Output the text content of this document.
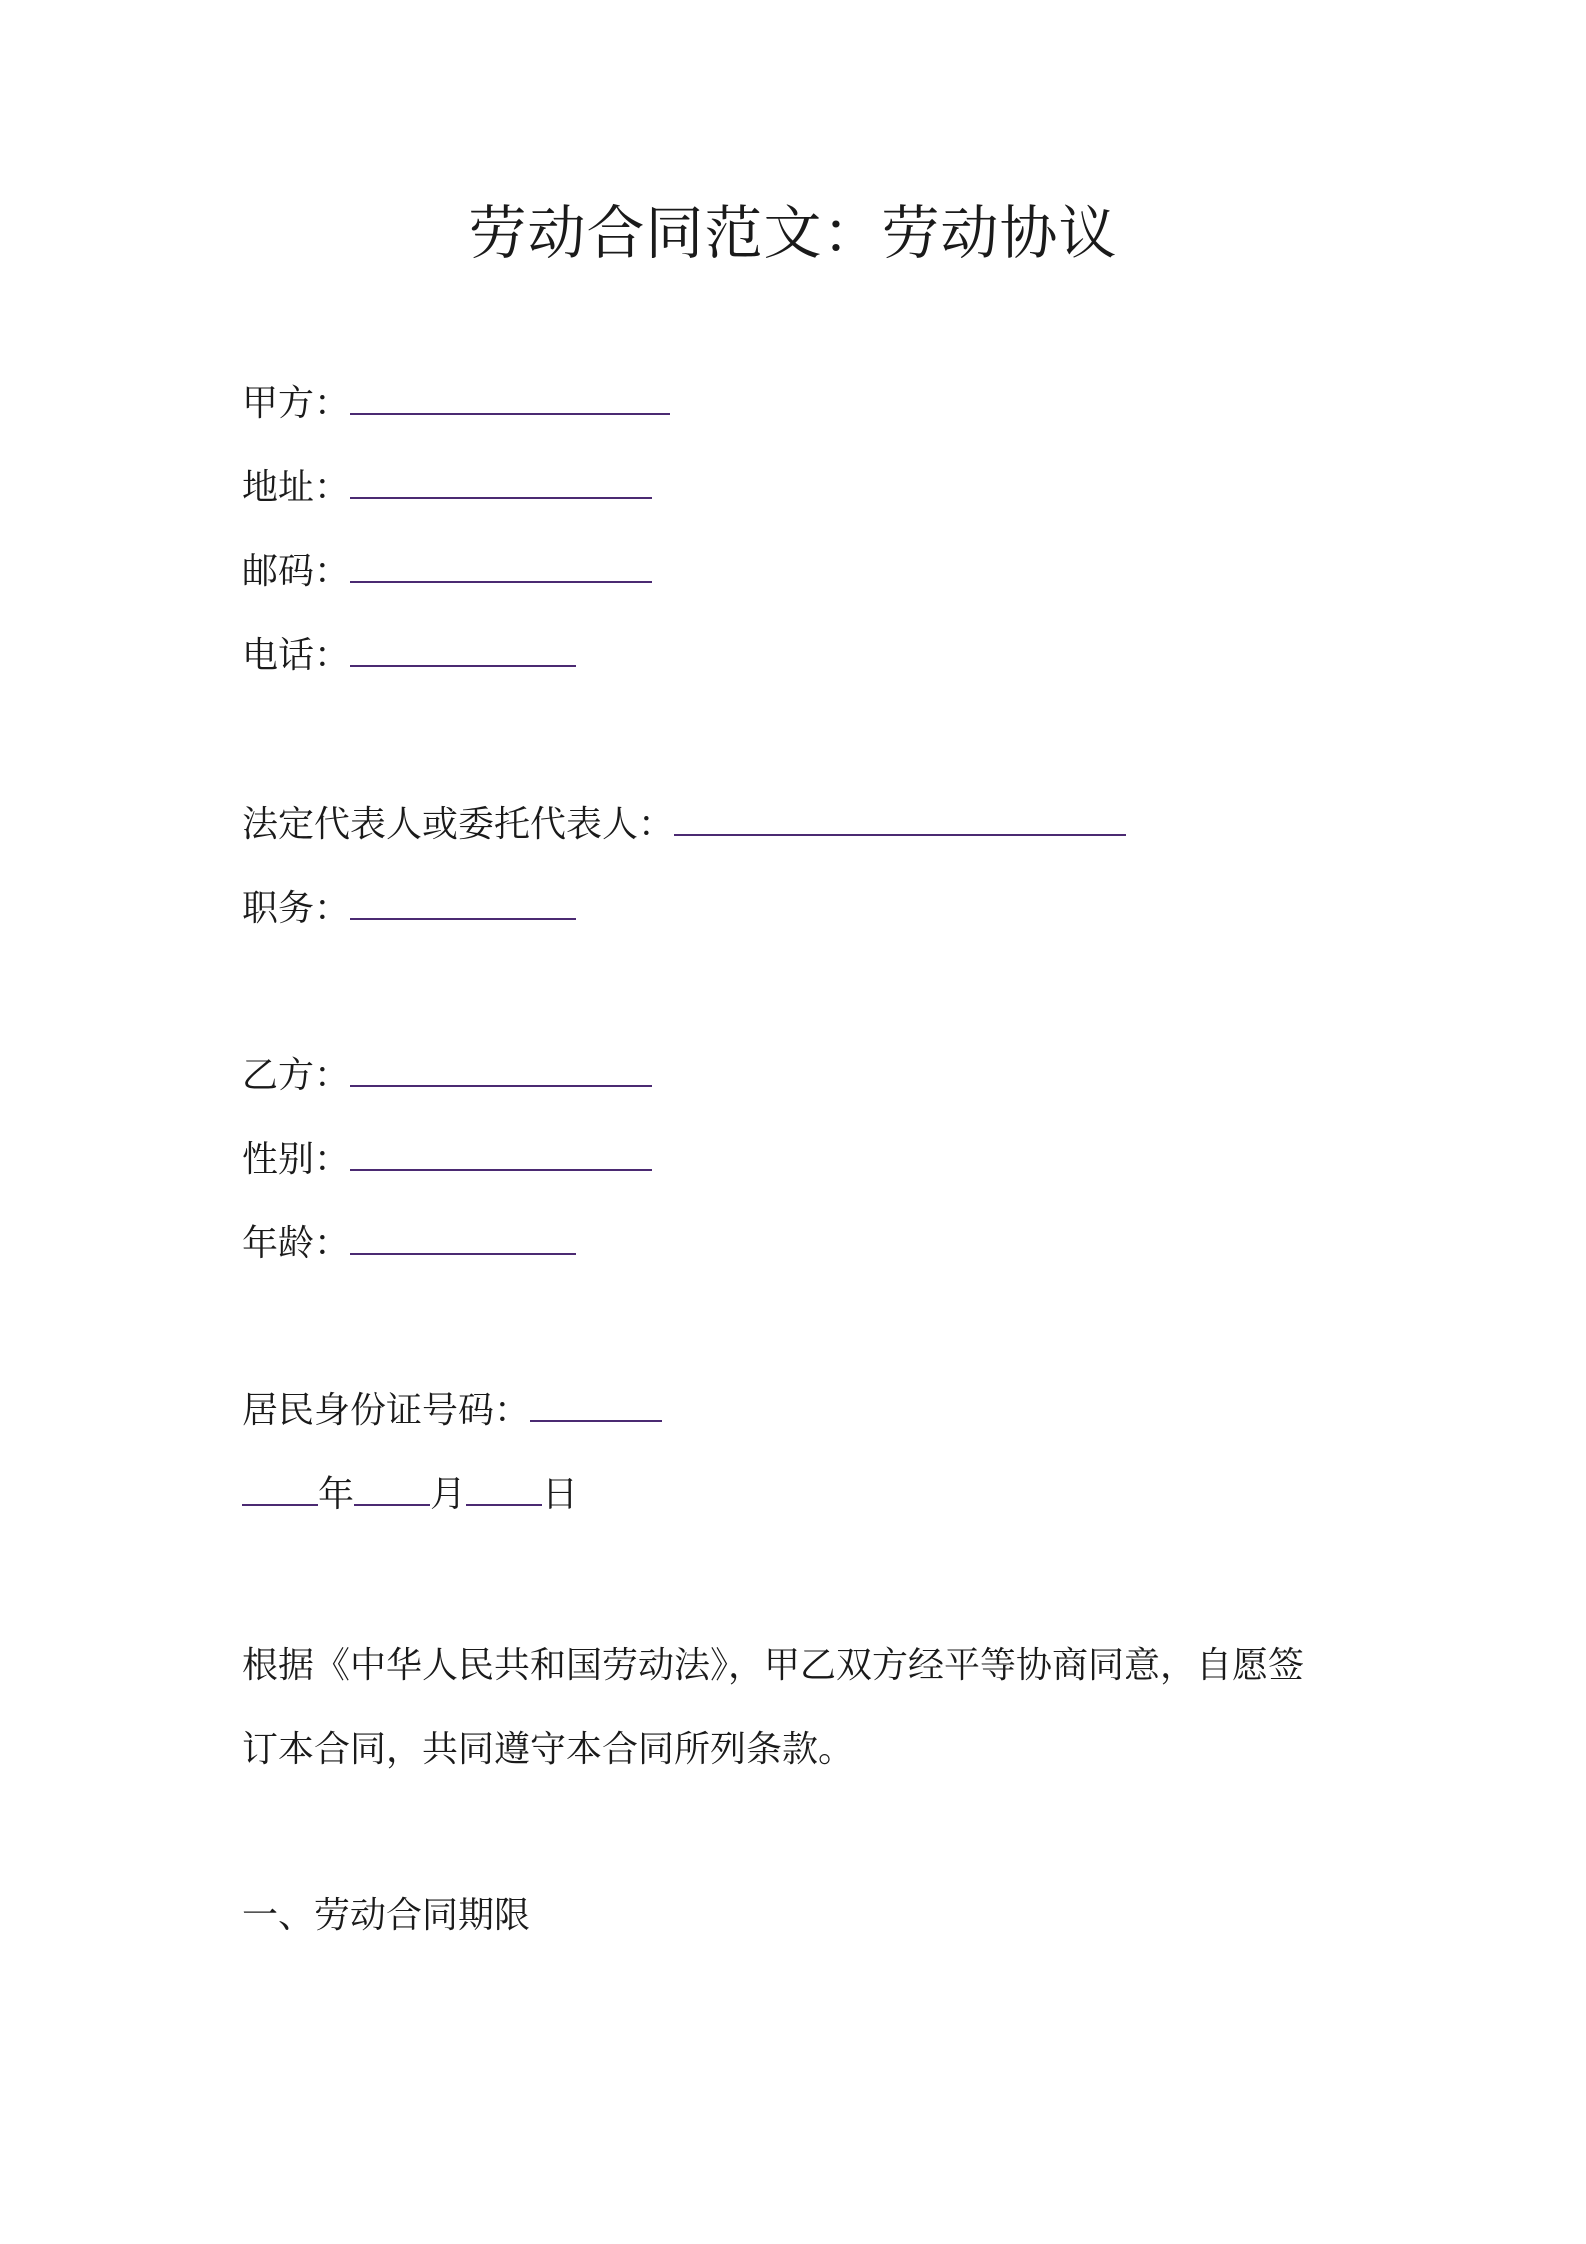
劳动合同范文：劳动协议
甲方：
地址：
邮码：
电话：
法定代表人或委托代表人：
职务：
乙方：
性别：
年龄：
居民身份证号码：
年 月 日
根据《中华人民共和国劳动法》，甲乙双方经平等协商同意，自愿签
订本合同，共同遵守本合同所列条款。
一、劳动合同期限
